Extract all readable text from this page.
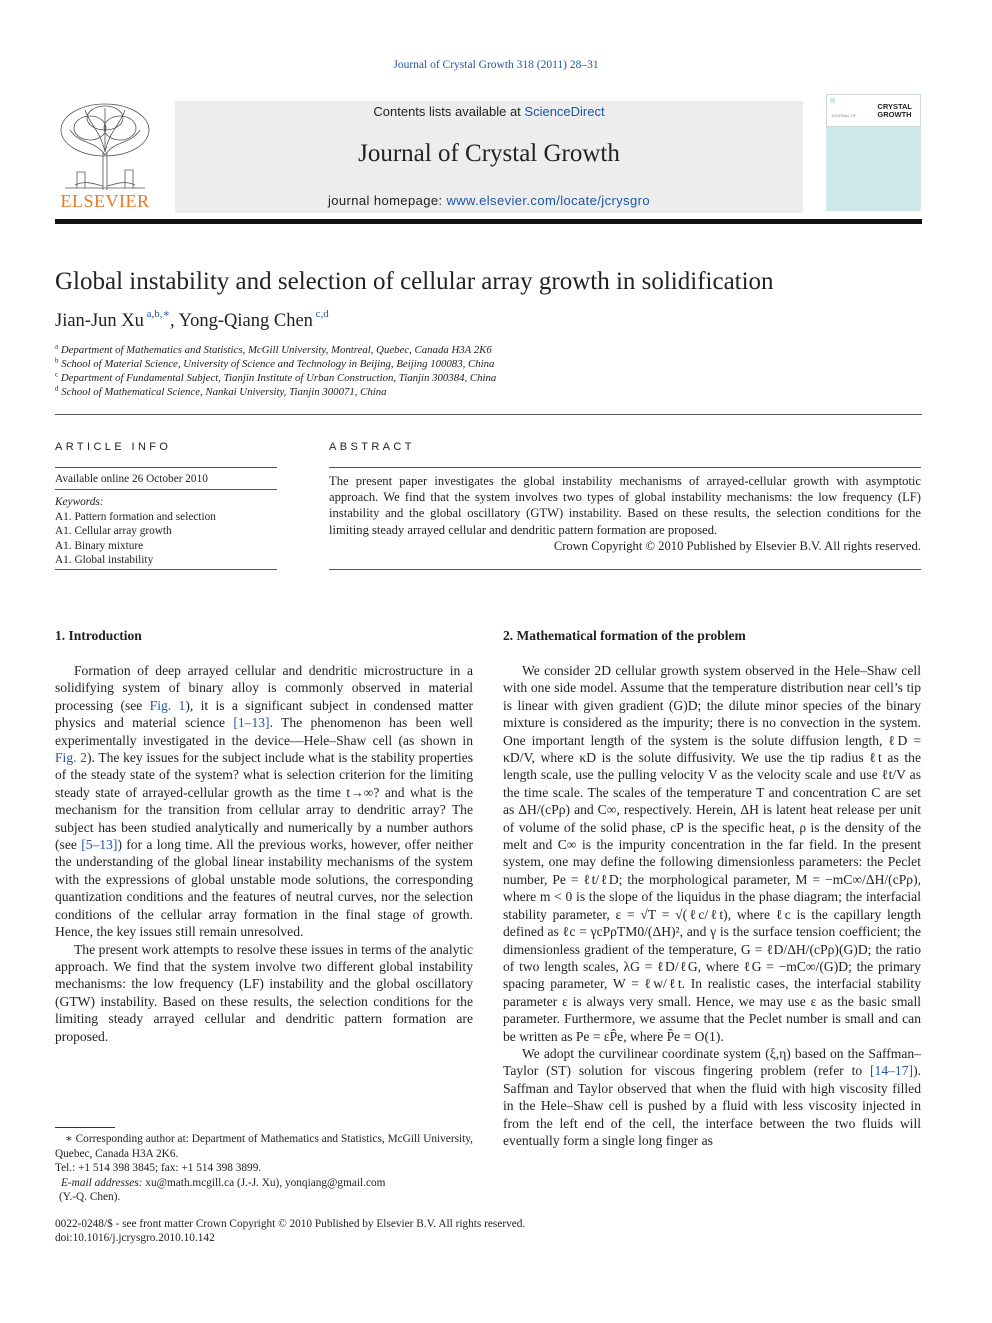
Journal of Crystal Growth 318 (2011) 28–31
ELSEVIER
Contents lists available at ScienceDirect
Journal of Crystal Growth
journal homepage: www.elsevier.com/locate/jcrysgro
JOURNAL OF
CRYSTAL
GROWTH
Global instability and selection of cellular array growth in solidification
Jian-Jun Xu $^{a,b,∗}$, Yong-Qiang Chen $^{c,d}$
$^a$ Department of Mathematics and Statistics, McGill University, Montreal, Quebec, Canada H3A 2K6
$^b$ School of Material Science, University of Science and Technology in Beijing, Beijing 100083, China
$^c$ Department of Fundamental Subject, Tianjin Institute of Urban Construction, Tianjin 300384, China
$^d$ School of Mathematical Science, Nankai University, Tianjin 300071, China
ARTICLE INFO
Available online 26 October 2010
Keywords:
A1. Pattern formation and selection
A1. Cellular array growth
A1. Binary mixture
A1. Global instability
ABSTRACT
The present paper investigates the global instability mechanisms of arrayed-cellular growth with asymptotic approach. We find that the system involves two types of global instability mechanisms: the low frequency (LF) instability and the global oscillatory (GTW) instability. Based on these results, the selection conditions for the limiting steady arrayed cellular and dendritic pattern formation are proposed.
Crown Copyright © 2010 Published by Elsevier B.V. All rights reserved.
1. Introduction

Formation of deep arrayed cellular and dendritic microstructure in a solidifying system of binary alloy is commonly observed in material processing (see Fig. 1), it is a significant subject in condensed matter physics and material science [1–13]. The phenomenon has been well experimentally investigated in the device—Hele–Shaw cell (as shown in Fig. 2). The key issues for the subject include what is the stability properties of the steady state of the system? what is selection criterion for the limiting steady state of arrayed-cellular growth as the time t→∞? and what is the mechanism for the transition from cellular array to dendritic array? The subject has been studied analytically and numerically by a number authors (see [5–13]) for a long time. All the previous works, however, offer neither the understanding of the global linear instability mechanisms of the system with the expressions of global unstable mode solutions, the corresponding quantization conditions and the features of neutral curves, nor the selection conditions of the cellular array formation in the final stage of growth. Hence, the key issues still remain unresolved.

The present work attempts to resolve these issues in terms of the analytic approach. We find that the system involve two different global instability mechanisms: the low frequency (LF) instability and the global oscillatory (GTW) instability. Based on these results, the selection conditions for the limiting steady arrayed cellular and dendritic pattern formation are proposed.

∗ Corresponding author at: Department of Mathematics and Statistics, McGill University, Quebec, Canada H3A 2K6.
Tel.: +1 514 398 3845; fax: +1 514 398 3899.
E-mail addresses: xu@math.mcgill.ca (J.-J. Xu), yonqiang@gmail.com
(Y.-Q. Chen).
0022-0248/$ - see front matter Crown Copyright © 2010 Published by Elsevier B.V. All rights reserved.
doi:10.1016/j.jcrysgro.2010.10.142
2. Mathematical formation of the problem

We consider 2D cellular growth system observed in the Hele–Shaw cell with one side model. Assume that the temperature distribution near cell’s tip is linear with given gradient (G)D; the dilute minor species of the binary mixture is considered as the impurity; there is no convection in the system. One important length of the system is the solute diffusion length, ℓD = κD/V, where κD is the solute diffusivity. We use the tip radius ℓt as the length scale, use the pulling velocity V as the velocity scale and use ℓt/V as the time scale. The scales of the temperature T and concentration C are set as ΔH/(cPρ) and C∞, respectively. Herein, ΔH is latent heat release per unit of volume of the solid phase, cP is the specific heat, ρ is the density of the melt and C∞ is the impurity concentration in the far field. In the present system, one may define the following dimensionless parameters: the Peclet number, Pe = ℓt/ℓD; the morphological parameter, M = −mC∞/ΔH/(cPρ), where m < 0 is the slope of the liquidus in the phase diagram; the interfacial stability parameter, ε = √T = √(ℓc/ℓt), where ℓc is the capillary length defined as ℓc = γcPρTM0/(ΔH)², and γ is the surface tension coefficient; the dimensionless gradient of the temperature, G = ℓD/ΔH/(cPρ)(G)D; the ratio of two length scales, λG = ℓD/ℓG, where ℓG = −mC∞/(G)D; the primary spacing parameter, W = ℓw/ℓt. In realistic cases, the interfacial stability parameter ε is always very small. Hence, we may use ε as the basic small parameter. Furthermore, we assume that the Peclet number is small and can be written as Pe = εP̂e, where P̂e = O(1).

We adopt the curvilinear coordinate system (ξ,η) based on the Saffman–Taylor (ST) solution for viscous fingering problem (refer to [14–17]). Saffman and Taylor observed that when the fluid with high viscosity filled in the Hele–Shaw cell is pushed by a fluid with less viscosity injected in from the left end of the cell, the interface between the two fluids will eventually form a single long finger as
